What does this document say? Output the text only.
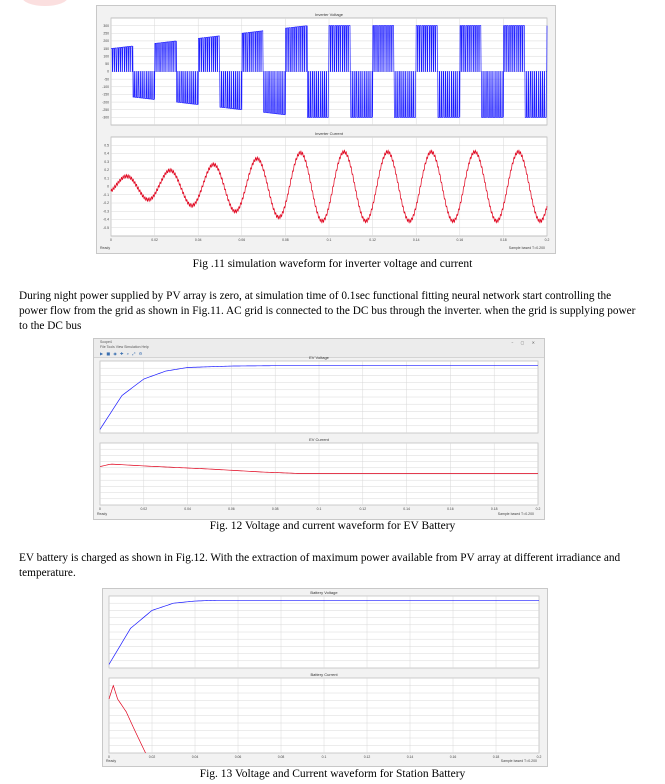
Inverter Voltage
-300
-250
-200
-150
-100
-50
0
50
100
150
200
250
300
Inverter Current
-0.5
-0.4
-0.3
-0.2
-0.1
0
0.1
0.2
0.3
0.4
0.5
0	0.02	0.04	0.06	0.08	0.1	0.12	0.14	0.16	0.18	0.2
Ready	Sample based T=0.200
Fig .11 simulation waveform for inverter voltage and current
During night power supplied by PV array is zero, at simulation time of 0.1sec functional fitting neural network start controlling the power flow from the grid as shown in Fig.11. AC grid is connected to the DC bus through the inverter. when the grid is supplying power to the DC bus
Scope4
File Tools View Simulation Help
▶ ■ ◉ ✚ ⌕ ⤢ ⚙
– ▢ ✕
EV Voltage
EV Current
0	0.02	0.04	0.06	0.08	0.1	0.12	0.14	0.16	0.18	0.2
Ready	Sample based T=0.200
Fig. 12 Voltage and current waveform for EV Battery
EV battery is charged as shown in Fig.12. With the extraction of maximum power available from PV array at different irradiance and temperature.
Battery Voltage
Battery Current
0	0.02	0.04	0.06	0.08	0.1	0.12	0.14	0.16	0.18	0.2
Ready	Sample based T=0.200
Fig. 13 Voltage and Current waveform for Station Battery
